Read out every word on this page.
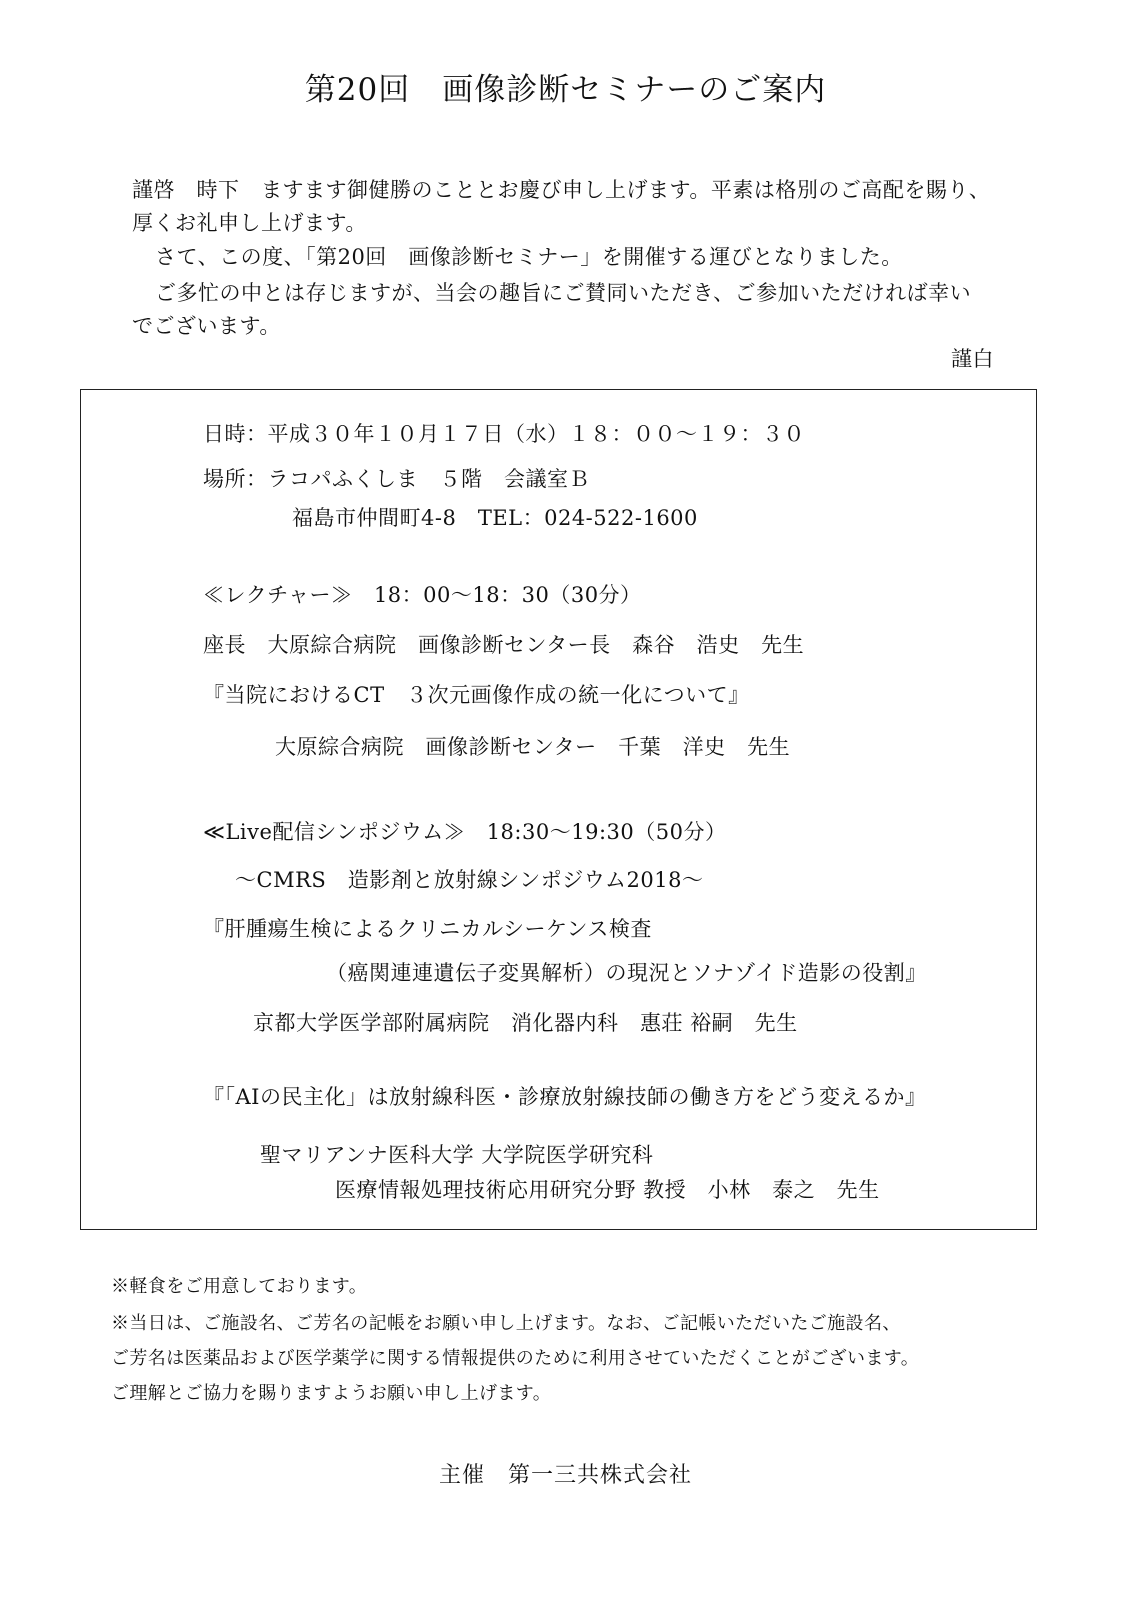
第20回　画像診断セミナーのご案内
謹啓　時下　ますます御健勝のこととお慶び申し上げます。平素は格別のご高配を賜り、
厚くお礼申し上げます。
さて、この度、「第20回　画像診断セミナー」を開催する運びとなりました。
ご多忙の中とは存じますが、当会の趣旨にご賛同いただき、ご参加いただければ幸い
でございます。
謹白
日時：平成３０年１０月１７日（水）１８：００～１９：３０
場所：ラコパふくしま　５階　会議室Ｂ
福島市仲間町4-8　TEL：024-522-1600
≪レクチャー≫　18：00～18：30（30分）
座長　大原綜合病院　画像診断センター長　森谷　浩史　先生
『当院におけるCT　３次元画像作成の統一化について』
大原綜合病院　画像診断センター　千葉　洋史　先生
≪Live配信シンポジウム≫　18:30～19:30（50分）
～CMRS　造影剤と放射線シンポジウム2018～
『肝腫瘍生検によるクリニカルシーケンス検査
（癌関連連遺伝子変異解析）の現況とソナゾイド造影の役割』
京都大学医学部附属病院　消化器内科　惠荘 裕嗣　先生
『「AIの民主化」は放射線科医・診療放射線技師の働き方をどう変えるか』
聖マリアンナ医科大学 大学院医学研究科
医療情報処理技術応用研究分野 教授　小林　泰之　先生
※軽食をご用意しております。
※当日は、ご施設名、ご芳名の記帳をお願い申し上げます。なお、ご記帳いただいたご施設名、
ご芳名は医薬品および医学薬学に関する情報提供のために利用させていただくことがございます。
ご理解とご協力を賜りますようお願い申し上げます。
主催　第一三共株式会社
